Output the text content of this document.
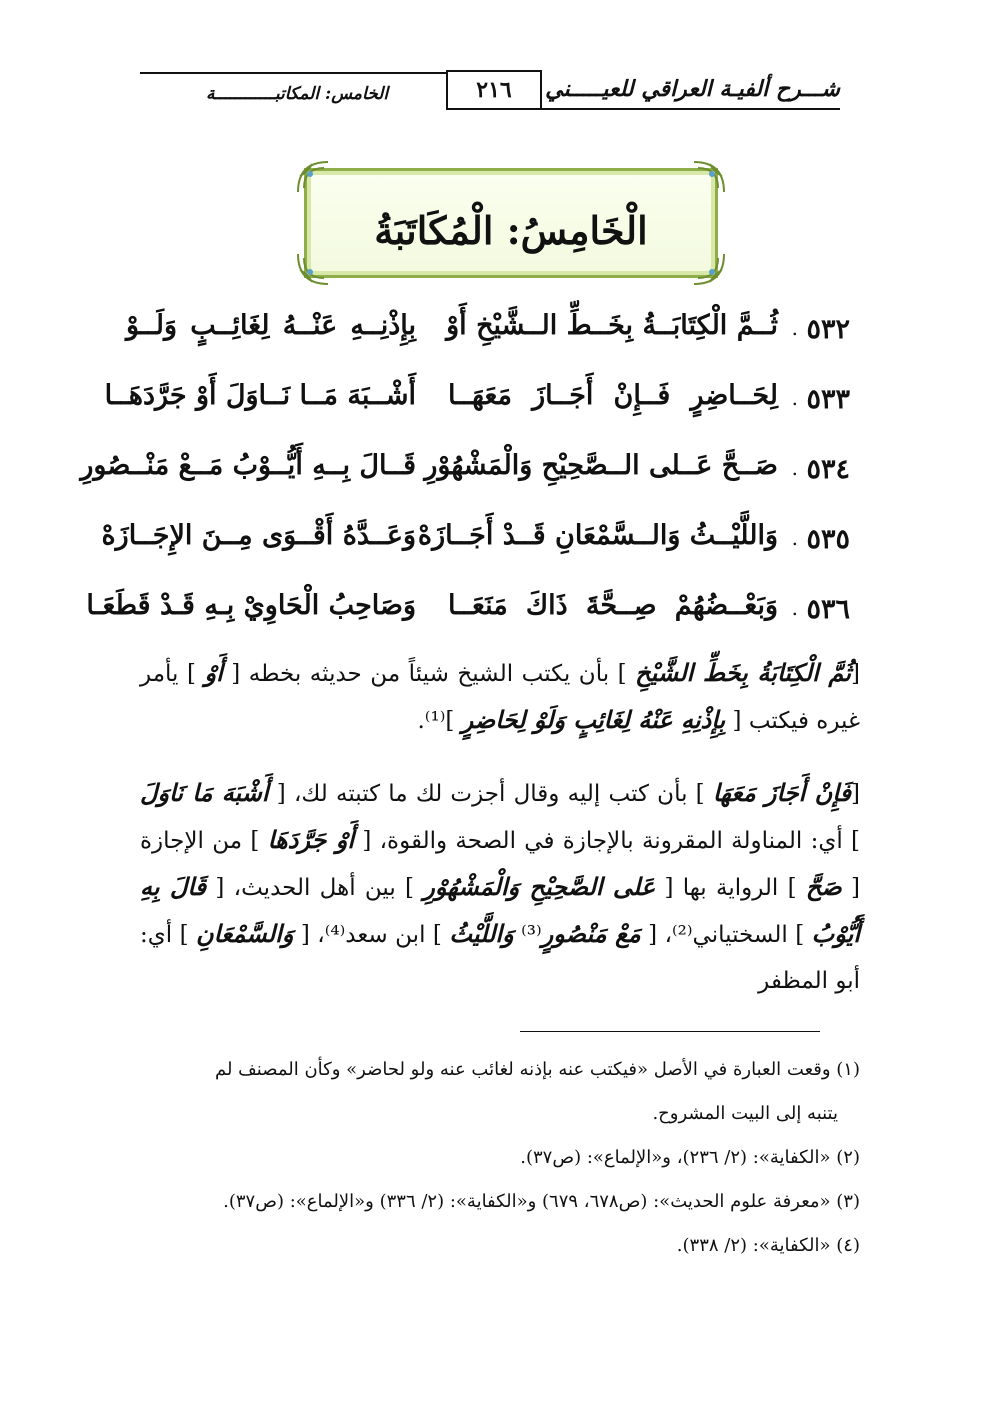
شـــرح ألفيـة العراقي للعيـــــني
٢١٦
الخامس: المكاتبــــــــــــة
الْخَامِسُ: الْمُكَاتَبَةُ
٥٣٢
.
ثُــمَّ الْكِتَابَــةُ بِخَــطِّ الــشَّيْخِ أَوْ
بِإِذْنِــهِ عَنْــهُ لِغَائِــبٍ وَلَــوْ
٥٣٣
.
لِحَــاضِرٍ فَــإِنْ أَجَــازَ مَعَهَــا
أَشْــبَهَ مَــا نَــاوَلَ أَوْ جَرَّدَهَــا
٥٣٤
.
صَــحَّ عَــلى الــصَّحِيْحِ وَالْمَشْهُوْرِ
قَــالَ بِــهِ أَيُّــوْبُ مَــعْ مَنْــصُورِ
٥٣٥
.
وَاللَّيْــثُ وَالــسَّمْعَانِ قَــدْ أَجَــازَهْ
وَعَــدَّهُ أَقْــوَى مِــنَ الإِجَــازَهْ
٥٣٦
.
وَبَعْــضُهُمْ صِــحَّةَ ذَاكَ مَنَعَــا
وَصَاحِبُ الْحَاوِيْ بِـهِ قَـدْ قَطَعَـا
[ثُمَّ الْكِتَابَةُ بِخَطِّ الشَّيْخِ ] بأن يكتب الشيخ شيئاً من حديثه بخطه [ أَوْ ] يأمر غيره فيكتب [ بِإِذْنِهِ عَنْهُ لِغَائِبٍ وَلَوْ لِحَاضِرٍ ]⁽¹⁾.
[فَإِنْ أَجَازَ مَعَهَا ] بأن كتب إليه وقال أجزت لك ما كتبته لك، [ أَشْبَهَ مَا نَاوَلَ ] أي: المناولة المقرونة بالإجازة في الصحة والقوة، [ أَوْ جَرَّدَهَا ] من الإجازة [ صَحَّ ] الرواية بها [ عَلى الصَّحِيْحِ وَالْمَشْهُوْرِ ] بين أهل الحديث، [ قَالَ بِهِ أَيُّوْبُ ] السختياني⁽²⁾، [ مَعْ مَنْصُورٍ⁽³⁾ وَاللَّيْثُ ] ابن سعد⁽⁴⁾، [ وَالسَّمْعَانِ ] أي: أبو المظفر
(١) وقعت العبارة في الأصل «فيكتب عنه بإذنه لغائب عنه ولو لحاضر» وكأن المصنف لم
يتنبه إلى البيت المشروح.
(٢) «الكفاية»: (٢/ ٢٣٦)، و«الإلماع»: (ص٣٧).
(٣) «معرفة علوم الحديث»: (ص٦٧٨، ٦٧٩) و«الكفاية»: (٢/ ٣٣٦) و«الإلماع»: (ص٣٧).
(٤) «الكفاية»: (٢/ ٣٣٨).
